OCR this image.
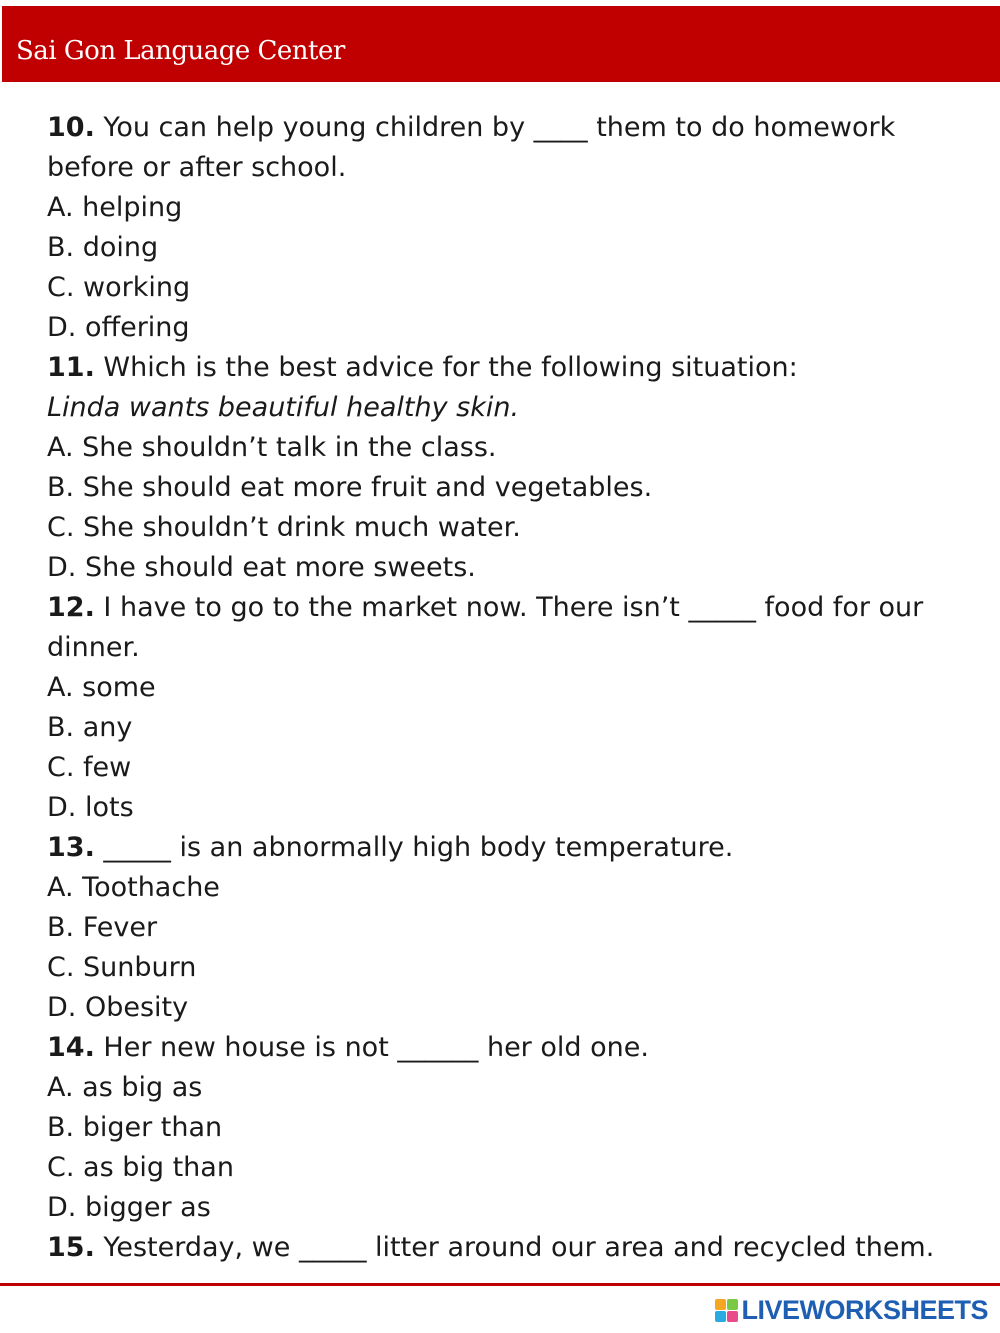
Sai Gon Language Center
10. You can help young children by ____ them to do homework
before or after school.
A. helping
B. doing
C. working
D. offering
11. Which is the best advice for the following situation:
Linda wants beautiful healthy skin.
A. She shouldn’t talk in the class.
B. She should eat more fruit and vegetables.
C. She shouldn’t drink much water.
D. She should eat more sweets.
12. I have to go to the market now. There isn’t _____ food for our
dinner.
A. some
B. any
C. few
D. lots
13. _____ is an abnormally high body temperature.
A. Toothache
B. Fever
C. Sunburn
D. Obesity
14. Her new house is not ______ her old one.
A. as big as
B. biger than
C. as big than
D. bigger as
15. Yesterday, we _____ litter around our area and recycled them.
LIVEWORKSHEETS
